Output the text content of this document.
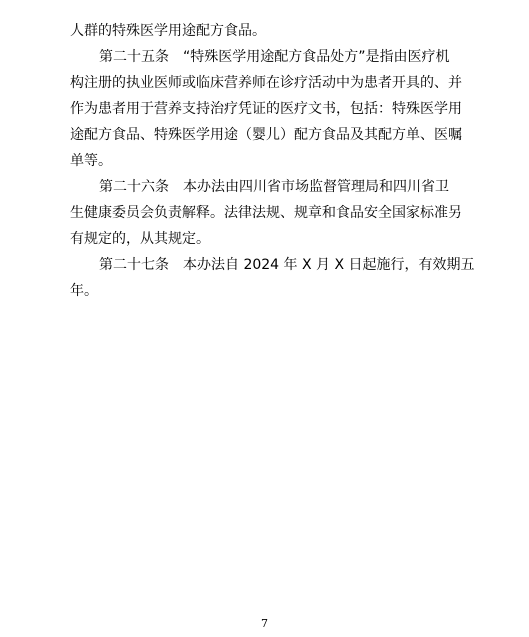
人群的特殊医学用途配方食品。
第二十五条　“特殊医学用途配方食品处方”是指由医疗机
构注册的执业医师或临床营养师在诊疗活动中为患者开具的、并
作为患者用于营养支持治疗凭证的医疗文书，包括：特殊医学用
途配方食品、特殊医学用途（婴儿）配方食品及其配方单、医嘱
单等。
第二十六条　本办法由四川省市场监督管理局和四川省卫
生健康委员会负责解释。法律法规、规章和食品安全国家标准另
有规定的，从其规定。
第二十七条　本办法自 2024 年 X 月 X 日起施行，有效期五
年。
7
